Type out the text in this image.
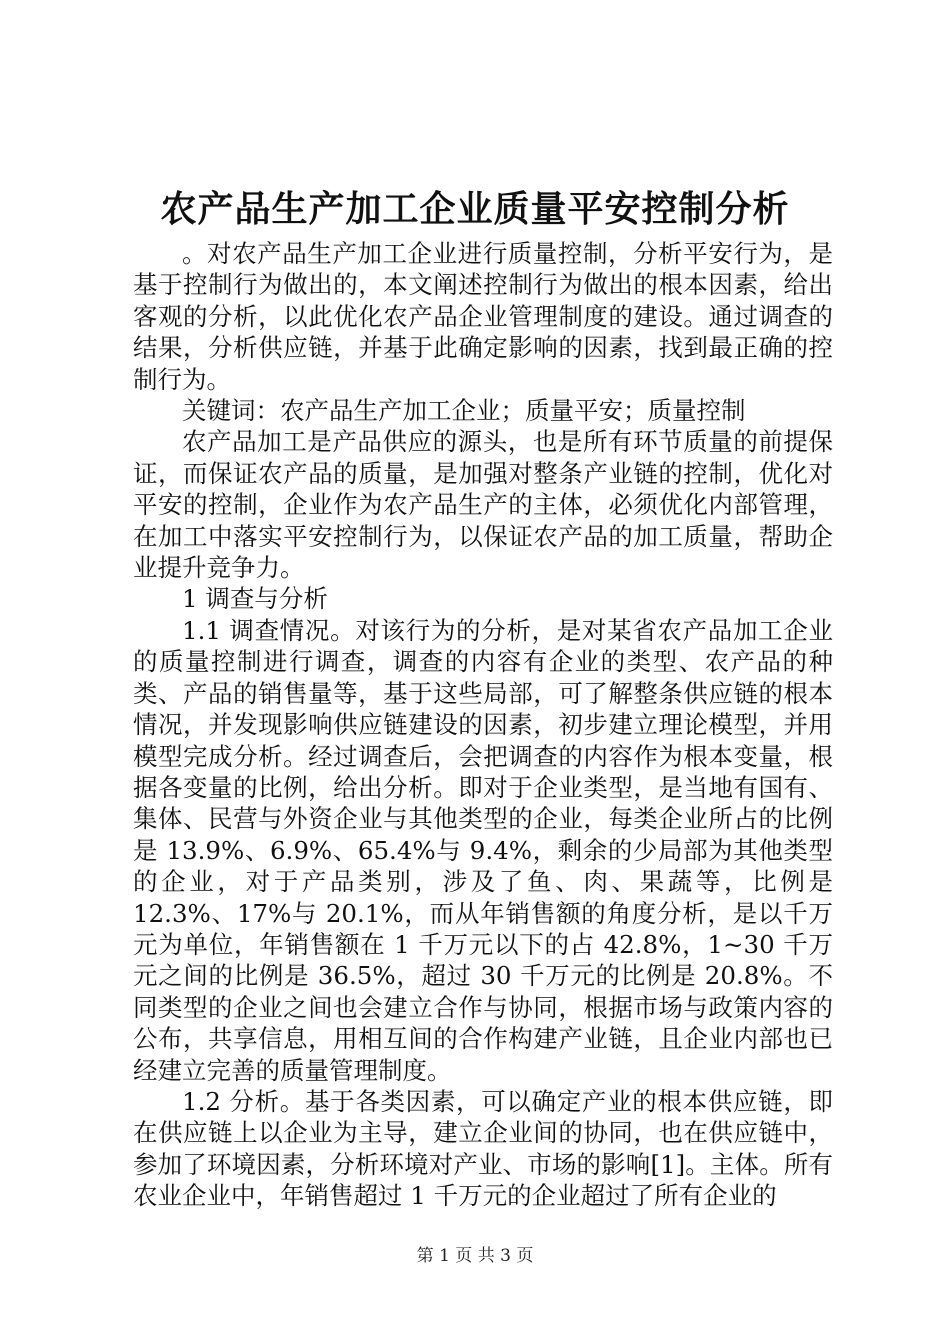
农产品生产加工企业质量平安控制分析

。对农产品生产加工企业进行质量控制，分析平安行为，是基于控制行为做出的，本文阐述控制行为做出的根本因素，给出客观的分析，以此优化农产品企业管理制度的建设。通过调查的结果，分析供应链，并基于此确定影响的因素，找到最正确的控制行为。

关键词：农产品生产加工企业；质量平安；质量控制

农产品加工是产品供应的源头，也是所有环节质量的前提保证，而保证农产品的质量，是加强对整条产业链的控制，优化对平安的控制，企业作为农产品生产的主体，必须优化内部管理，在加工中落实平安控制行为，以保证农产品的加工质量，帮助企业提升竞争力。

1 调查与分析

1.1 调查情况。对该行为的分析，是对某省农产品加工企业的质量控制进行调查，调查的内容有企业的类型、农产品的种类、产品的销售量等，基于这些局部，可了解整条供应链的根本情况，并发现影响供应链建设的因素，初步建立理论模型，并用模型完成分析。经过调查后，会把调查的内容作为根本变量，根据各变量的比例，给出分析。即对于企业类型，是当地有国有、集体、民营与外资企业与其他类型的企业，每类企业所占的比例是 13.9%、6.9%、65.4%与 9.4%，剩余的少局部为其他类型的企业，对于产品类别，涉及了鱼、肉、果蔬等，比例是 12.3%、17%与 20.1%，而从年销售额的角度分析，是以千万元为单位，年销售额在 1 千万元以下的占 42.8%，1~30 千万元之间的比例是 36.5%，超过 30 千万元的比例是 20.8%。不同类型的企业之间也会建立合作与协同，根据市场与政策内容的公布，共享信息，用相互间的合作构建产业链，且企业内部也已经建立完善的质量管理制度。

1.2 分析。基于各类因素，可以确定产业的根本供应链，即在供应链上以企业为主导，建立企业间的协同，也在供应链中，参加了环境因素，分析环境对产业、市场的影响[1]。主体。所有农业企业中，年销售超过 1 千万元的企业超过了所有企业的

第 1 页 共 3 页
